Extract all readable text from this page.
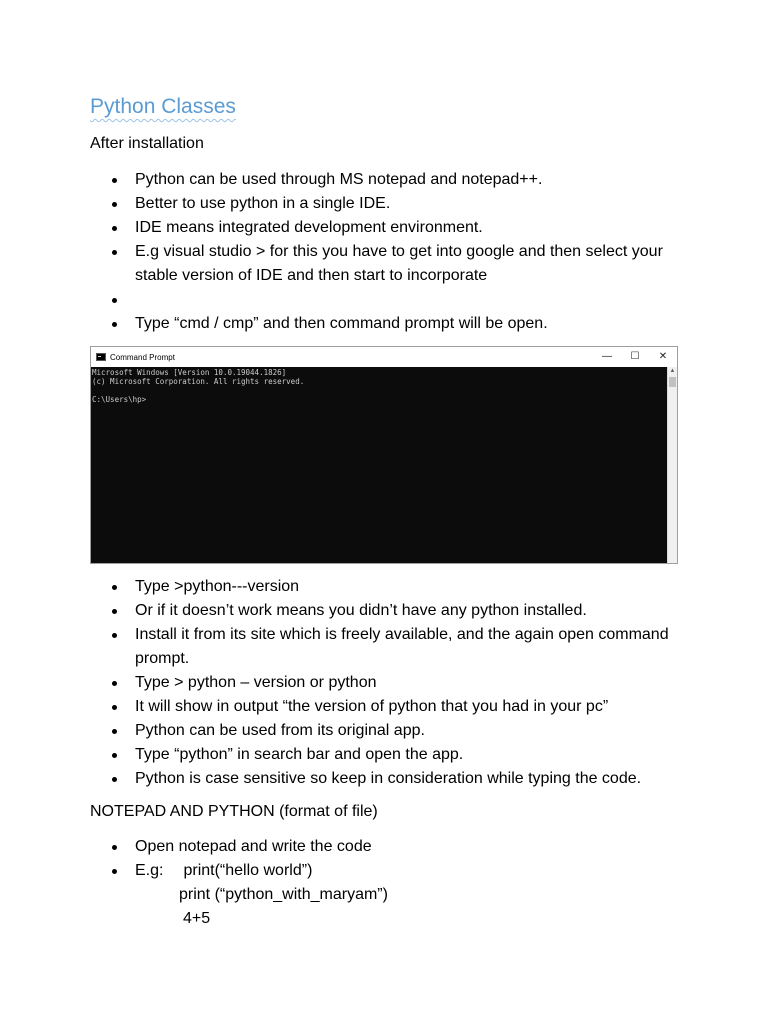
Python Classes
After installation
Python can be used through MS notepad and notepad++.
Better to use python in a single IDE.
IDE means integrated development environment.
E.g visual studio > for this you have to get into google and then select your stable version of IDE and then start to incorporate
Type “cmd / cmp” and then command prompt will be open.
Command Prompt	—	☐	✕
Microsoft Windows [Version 10.0.19044.1826]
(c) Microsoft Corporation. All rights reserved.

C:\Users\hp>
▲
Type >python---version
Or if it doesn’t work means you didn’t have any python installed.
Install it from its site which is freely available, and the again open command prompt.
Type > python – version or python
It will show in output “the version of python that you had in your pc”
Python can be used from its original app.
Type “python” in search bar and open the app.
Python is case sensitive so keep in consideration while typing the code.
NOTEPAD AND PYTHON (format of file)
Open notepad and write the code
E.g: print(“hello world”)
print (“python_with_maryam”)
4+5
